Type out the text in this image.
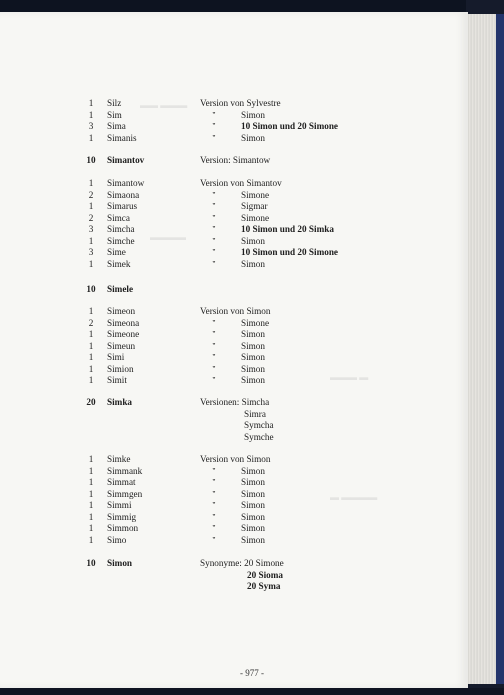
▬▬▬ ▬▬
▬▬▬▬
▬ ▬▬▬
▬▬▬▬ ▬
1	Silz	Version von Sylvestre
1	Sim	"	Simon
3	Sima	"	10 Simon und 20 Simone
1	Simanis	"	Simon
10	Simantov	Version: Simantow
1	Simantow	Version von Simantov
2	Simaona	"	Simone
1	Simarus	"	Sigmar
2	Simca	"	Simone
3	Simcha	"	10 Simon und 20 Simka
1	Simche	"	Simon
3	Sime	"	10 Simon und 20 Simone
1	Simek	"	Simon
10	Simele
1	Simeon	Version von Simon
2	Simeona	"	Simone
1	Simeone	"	Simon
1	Simeun	"	Simon
1	Simi	"	Simon
1	Simion	"	Simon
1	Simit	"	Simon
20	Simka	Versionen: Simcha
Simra
Symcha
Symche
1	Simke	Version von Simon
1	Simmank	"	Simon
1	Simmat	"	Simon
1	Simmgen	"	Simon
1	Simmi	"	Simon
1	Simmig	"	Simon
1	Simmon	"	Simon
1	Simo	"	Simon
10	Simon	Synonyme: 20 Simone
20 Sioma
20 Syma
- 977 -
